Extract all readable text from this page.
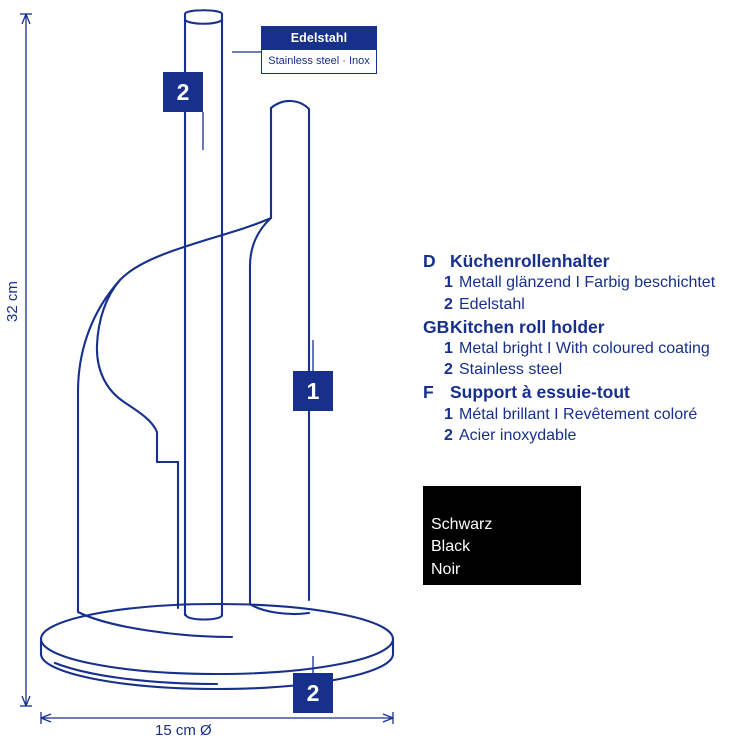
2
1
2
Edelstahl
Stainless steel · Inox
32 cm
15 cm Ø
D Küchenrollenhalter
1 Metall glänzend I Farbig beschichtet
2 Edelstahl
GB Kitchen roll holder
1 Metal bright I With coloured coating
2 Stainless steel
F Support à essuie-tout
1 Métal brillant I Revêtement coloré
2 Acier inoxydable
Schwarz
Black
Noir
